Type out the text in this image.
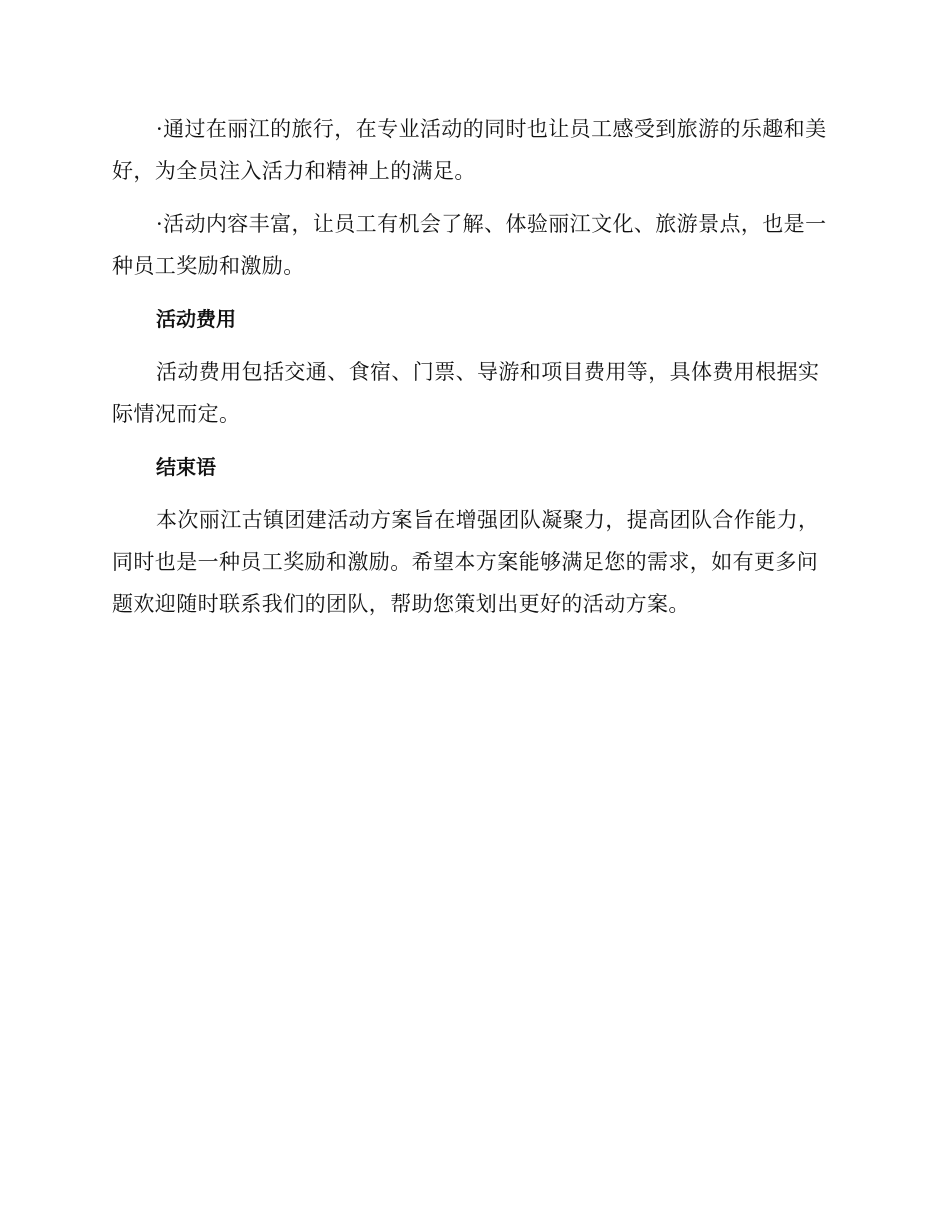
·通过在丽江的旅行，在专业活动的同时也让员工感受到旅游的乐趣和美好，为全员注入活力和精神上的满足。

·活动内容丰富，让员工有机会了解、体验丽江文化、旅游景点，也是一种员工奖励和激励。

活动费用

活动费用包括交通、食宿、门票、导游和项目费用等，具体费用根据实际情况而定。

结束语

本次丽江古镇团建活动方案旨在增强团队凝聚力，提高团队合作能力，同时也是一种员工奖励和激励。希望本方案能够满足您的需求，如有更多问题欢迎随时联系我们的团队，帮助您策划出更好的活动方案。
